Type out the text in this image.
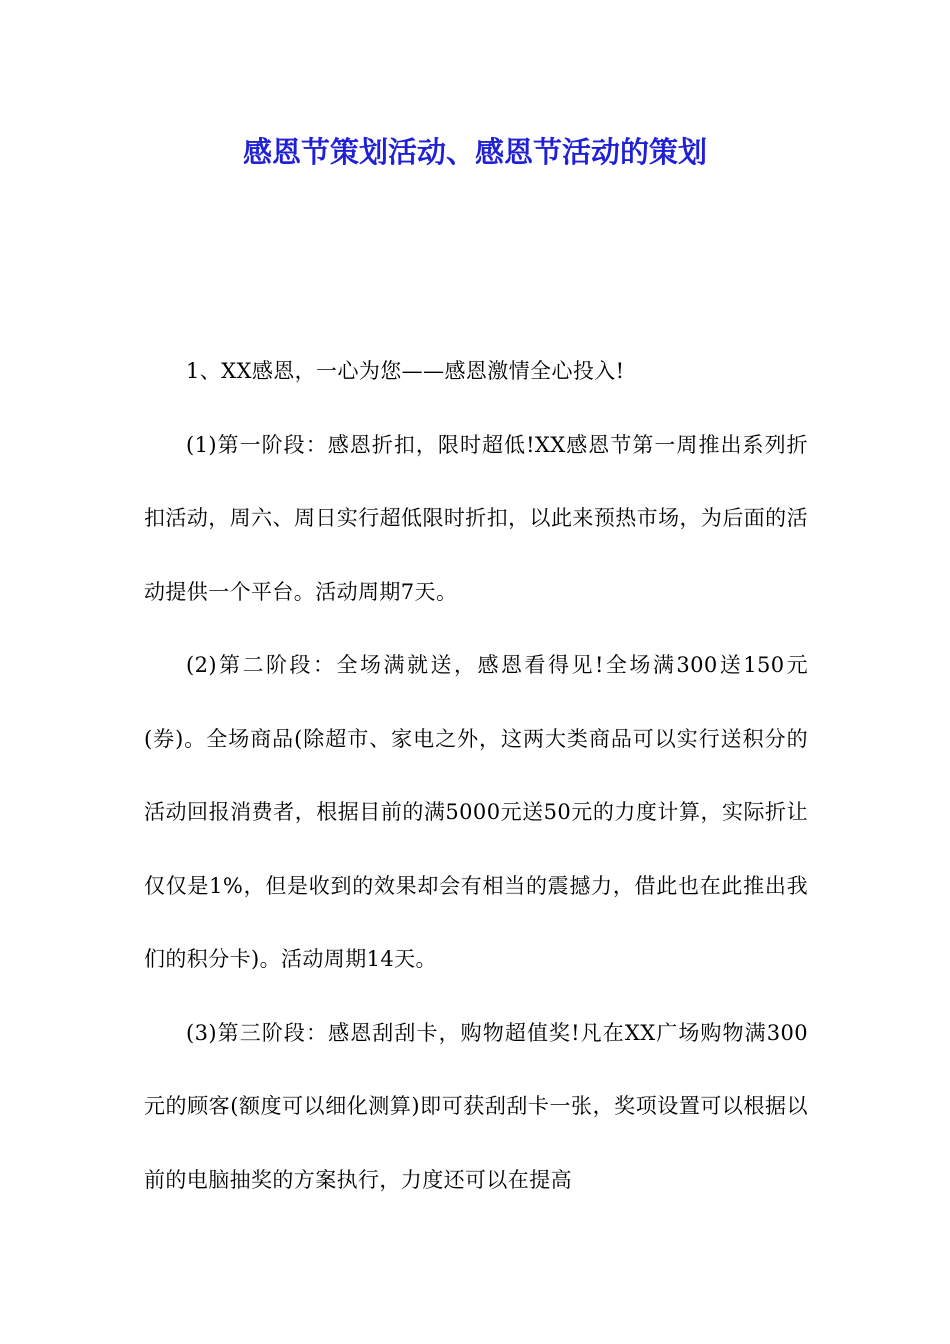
感恩节策划活动、感恩节活动的策划

1、XX感恩，一心为您——感恩激情全心投入!

(1)第一阶段：感恩折扣，限时超低!XX感恩节第一周推出系列折扣活动，周六、周日实行超低限时折扣，以此来预热市场，为后面的活动提供一个平台。活动周期7天。

(2)第二阶段：全场满就送，感恩看得见!全场满300送150元(券)。全场商品(除超市、家电之外，这两大类商品可以实行送积分的活动回报消费者，根据目前的满5000元送50元的力度计算，实际折让仅仅是1%，但是收到的效果却会有相当的震撼力，借此也在此推出我们的积分卡)。活动周期14天。

(3)第三阶段：感恩刮刮卡，购物超值奖!凡在XX广场购物满300元的顾客(额度可以细化测算)即可获刮刮卡一张，奖项设置可以根据以前的电脑抽奖的方案执行，力度还可以在提高
